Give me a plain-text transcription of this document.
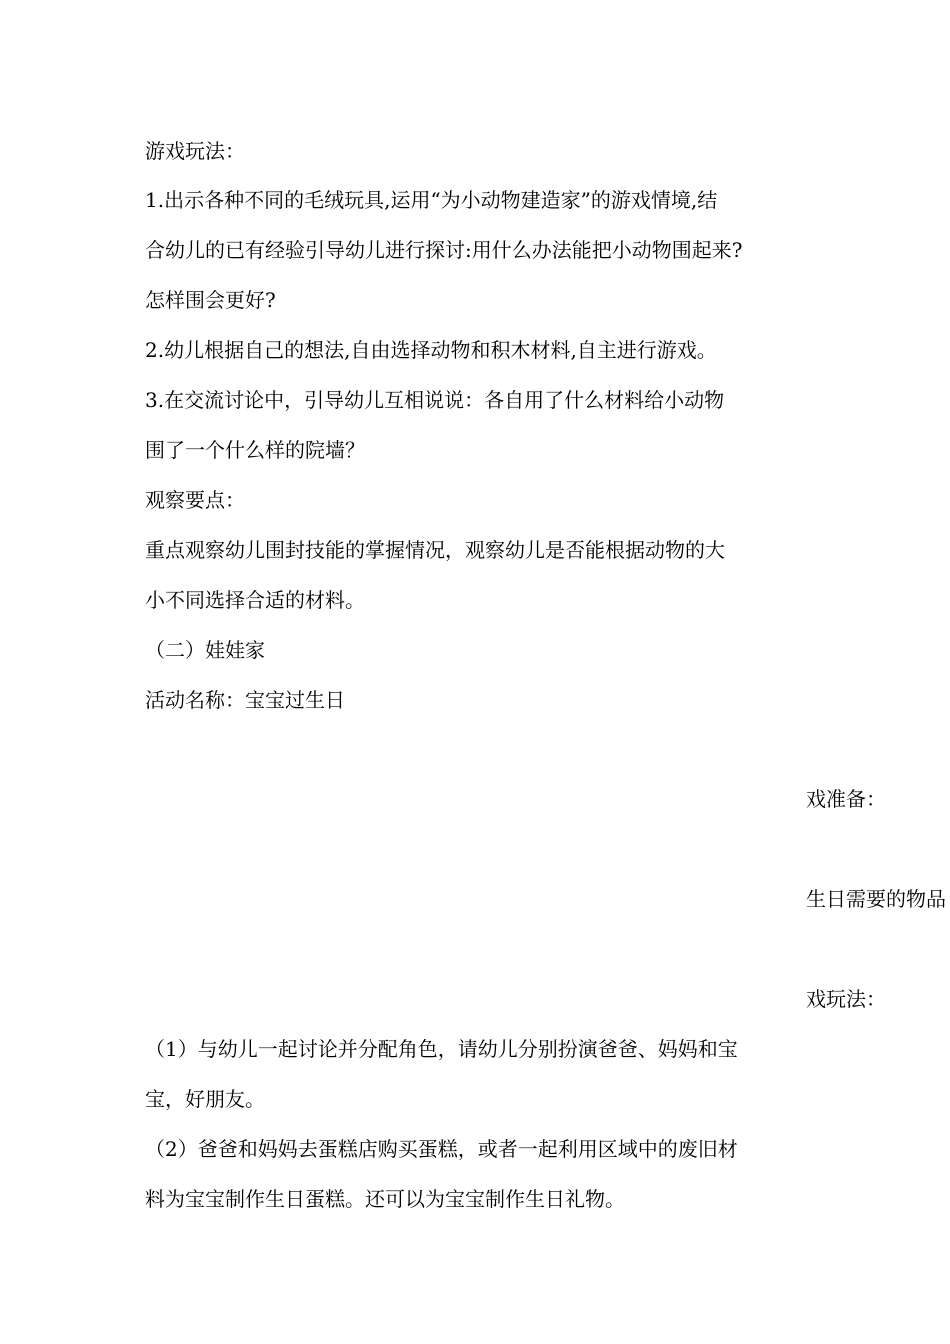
游戏玩法：
1.出示各种不同的毛绒玩具,运用“为小动物建造家”的游戏情境,结
合幼儿的已有经验引导幼儿进行探讨:用什么办法能把小动物围起来?
怎样围会更好?
2.幼儿根据自己的想法,自由选择动物和积木材料,自主进行游戏。
3.在交流讨论中，引导幼儿互相说说：各自用了什么材料给小动物
围了一个什么样的院墙？
观察要点：
重点观察幼儿围封技能的掌握情况，观察幼儿是否能根据动物的大
小不同选择合适的材料。
（二）娃娃家
活动名称：宝宝过生日
戏准备：
生日需要的物品
戏玩法：
（1）与幼儿一起讨论并分配角色，请幼儿分别扮演爸爸、妈妈和宝
宝，好朋友。
（2）爸爸和妈妈去蛋糕店购买蛋糕，或者一起利用区域中的废旧材
料为宝宝制作生日蛋糕。还可以为宝宝制作生日礼物。
